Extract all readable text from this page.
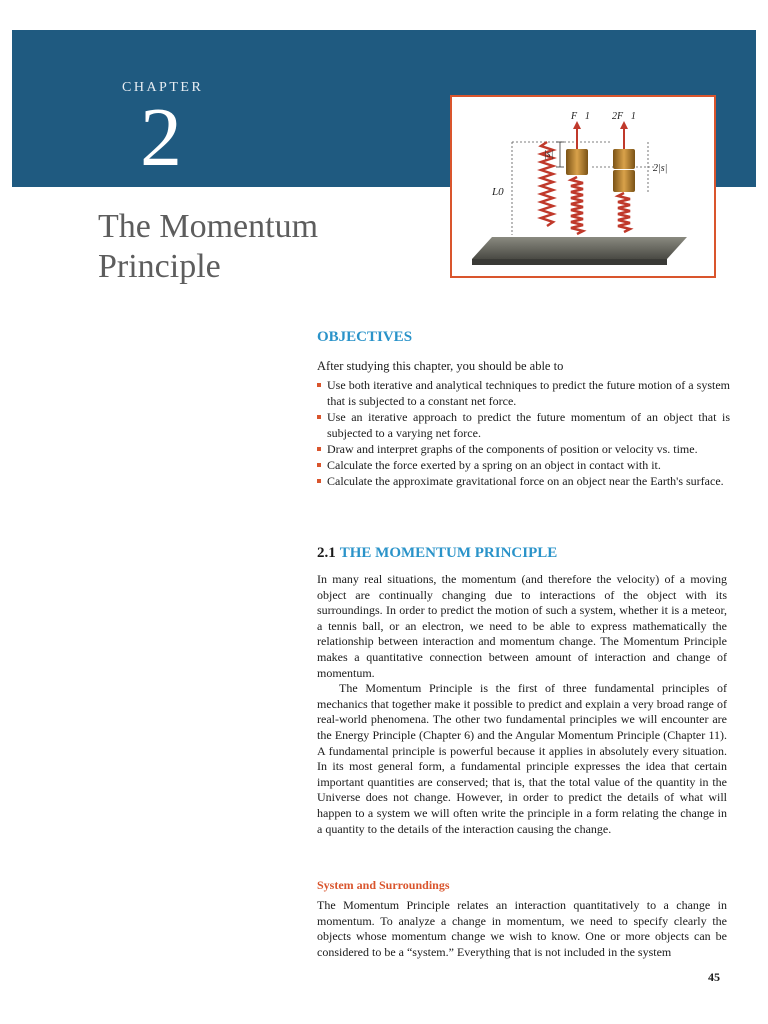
CHAPTER
2
The Momentum Principle
F⃗1 2F⃗1
|s|
2|s|
L0
OBJECTIVES
After studying this chapter, you should be able to
Use both iterative and analytical techniques to predict the future motion of a system that is subjected to a constant net force.
Use an iterative approach to predict the future momentum of an object that is subjected to a varying net force.
Draw and interpret graphs of the components of position or velocity vs. time.
Calculate the force exerted by a spring on an object in contact with it.
Calculate the approximate gravitational force on an object near the Earth's surface.
2.1 THE MOMENTUM PRINCIPLE

In many real situations, the momentum (and therefore the velocity) of a moving object are continually changing due to interactions of the object with its surroundings. In order to predict the motion of such a system, whether it is a meteor, a tennis ball, or an electron, we need to be able to express mathematically the relationship between interaction and momentum change. The Momentum Principle makes a quantitative connection between amount of interaction and change of momentum.

The Momentum Principle is the first of three fundamental principles of mechanics that together make it possible to predict and explain a very broad range of real-world phenomena. The other two fundamental principles we will encounter are the Energy Principle (Chapter 6) and the Angular Momentum Principle (Chapter 11). A fundamental principle is powerful because it applies in absolutely every situation. In its most general form, a fundamental principle expresses the idea that certain important quantities are conserved; that is, that the total value of the quantity in the Universe does not change. However, in order to predict the details of what will happen to a system we will often write the principle in a form relating the change in a quantity to the details of the interaction causing the change.

System and Surroundings

The Momentum Principle relates an interaction quantitatively to a change in momentum. To analyze a change in momentum, we need to specify clearly the objects whose momentum change we wish to know. One or more objects can be considered to be a “system.” Everything that is not included in the system

45
